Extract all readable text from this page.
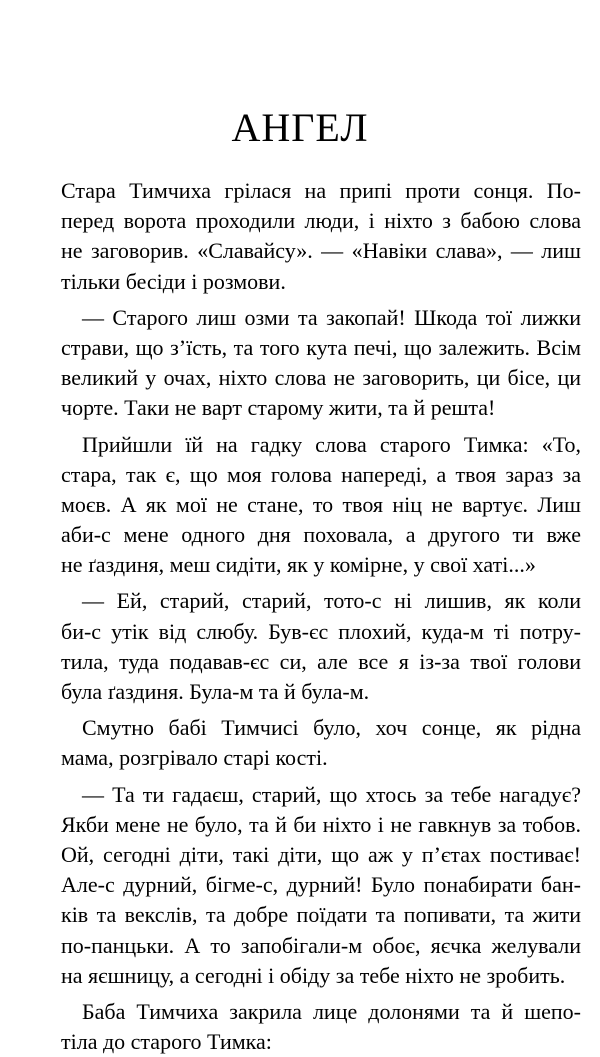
АНГЕЛ
Стара Тимчиха грілася на припі проти сонця. По-
перед ворота проходили люди, і ніхто з бабою слова
не заговорив. «Славайсу». — «Навіки слава», — лиш
тільки бесіди і розмови.
— Старого лиш озми та закопай! Шкода тої лижки
страви, що з’їсть, та того кута печі, що залежить. Всім
великий у очах, ніхто слова не заговорить, ци бісе, ци
чорте. Таки не варт старому жити, та й решта!
Прийшли їй на гадку слова старого Тимка: «То,
стара, так є, що моя голова напереді, а твоя зараз за
моєв. А як мої не стане, то твоя ніц не вартує. Лиш
аби-с мене одного дня поховала, а другого ти вже
не ґаздиня, меш сидіти, як у комірне, у свої хаті...»
— Ей, старий, старий, тото-с ні лишив, як коли
би-с утік від слюбу. Був-єс плохий, куда-м ті потру-
тила, туда подавав-єс си, але все я із-за твої голови
була ґаздиня. Була-м та й була-м.
Смутно бабі Тимчисі було, хоч сонце, як рідна
мама, розгрівало старі кості.
— Та ти гадаєш, старий, що хтось за тебе нагадує?
Якби мене не було, та й би ніхто і не гавкнув за тобов.
Ой, сегодні діти, такі діти, що аж у п’єтах постиває!
Але-с дурний, бігме-с, дурний! Було понабирати бан-
ків та векслів, та добре поїдати та попивати, та жити
по-панцьки. А то запобігали-м обоє, яєчка желували
на яєшницу, а сегодні і обіду за тебе ніхто не зробить.
Баба Тимчиха закрила лице долонями та й шепо-
тіла до старого Тимка:
